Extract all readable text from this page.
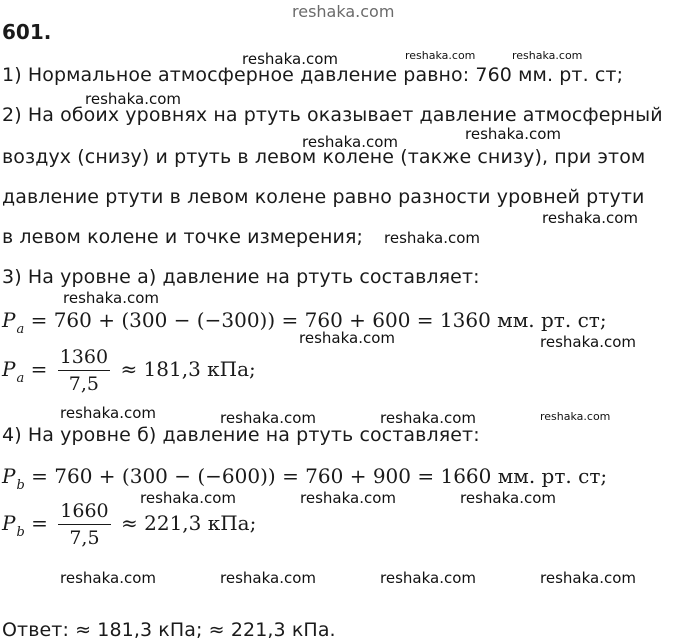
reshaka.com
601.
1) Нормальное атмосферное давление равно: 760 мм. рт. ст;
2) На обоих уровнях на ртуть оказывает давление атмосферный
воздух (снизу) и ртуть в левом колене (также снизу), при этом
давление ртути в левом колене равно разности уровней ртути
в левом колене и точке измерения;
3) На уровне а) давление на ртуть составляет:
$P_a = 760 + (300 - (-300)) = 760 + 600 = 1360$ мм. рт. ст;
$P_a = \frac{1360}{7,5} \approx 181,3$ кПа;
4) На уровне б) давление на ртуть составляет:
$P_b = 760 + (300 - (-600)) = 760 + 900 = 1660$ мм. рт. ст;
$P_b = \frac{1660}{7,5} \approx 221,3$ кПа;
Ответ: ≈ 181,3 кПа; ≈ 221,3 кПа.
reshaka.com	reshaka.com	reshaka.com
reshaka.com
reshaka.com	reshaka.com
reshaka.com
reshaka.com
reshaka.com
reshaka.com	reshaka.com
reshaka.com	reshaka.com	reshaka.com	reshaka.com
reshaka.com	reshaka.com	reshaka.com
reshaka.com	reshaka.com	reshaka.com	reshaka.com
